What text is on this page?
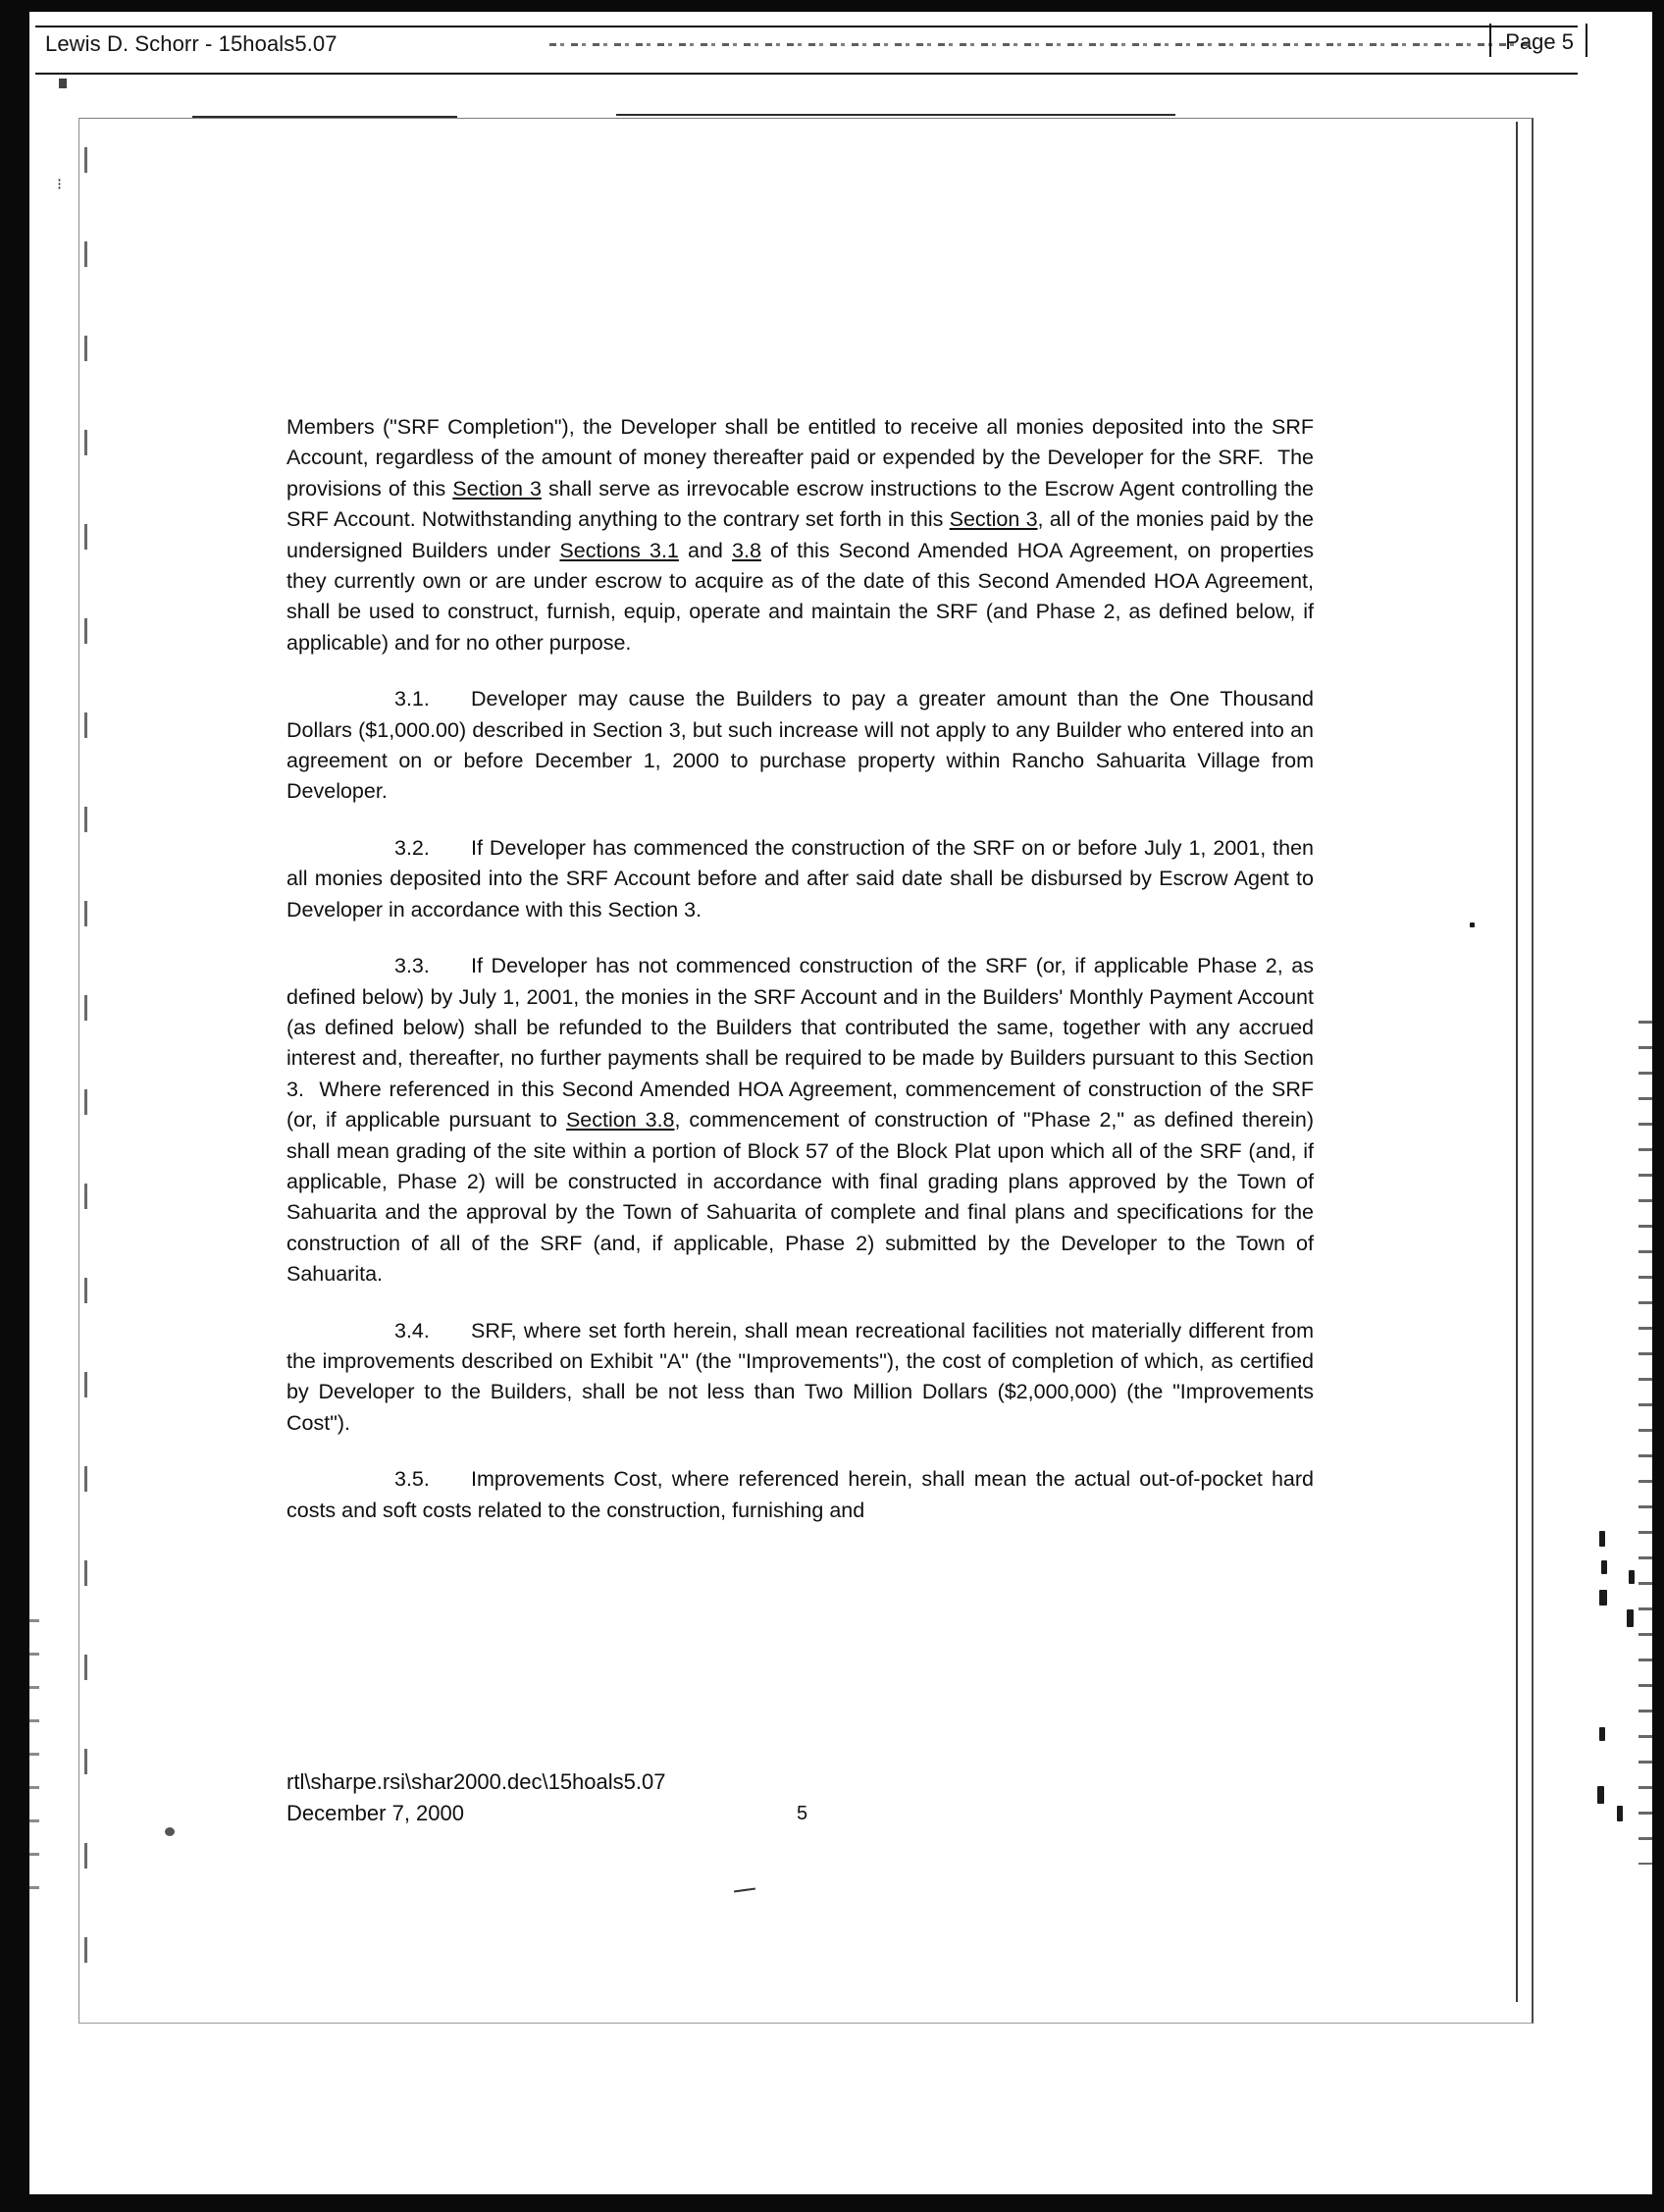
Lewis D. Schorr - 15hoals5.07	Page 5
⁝

Members ("SRF Completion"), the Developer shall be entitled to receive all monies deposited into the SRF Account, regardless of the amount of money thereafter paid or expended by the Developer for the SRF.  The provisions of this Section 3 shall serve as irrevocable escrow instructions to the Escrow Agent controlling the SRF Account. Notwithstanding anything to the contrary set forth in this Section 3, all of the monies paid by the undersigned Builders under Sections 3.1 and 3.8 of this Second Amended HOA Agreement, on properties they currently own or are under escrow to acquire as of the date of this Second Amended HOA Agreement, shall be used to construct, furnish, equip, operate and maintain the SRF (and Phase 2, as defined below, if applicable) and for no other purpose.

3.1. Developer may cause the Builders to pay a greater amount than the One Thousand Dollars ($1,000.00) described in Section 3, but such increase will not apply to any Builder who entered into an agreement on or before December 1, 2000 to purchase property within Rancho Sahuarita Village from Developer.

3.2. If Developer has commenced the construction of the SRF on or before July 1, 2001, then all monies deposited into the SRF Account before and after said date shall be disbursed by Escrow Agent to Developer in accordance with this Section 3.

3.3. If Developer has not commenced construction of the SRF (or, if applicable Phase 2, as defined below) by July 1, 2001, the monies in the SRF Account and in the Builders' Monthly Payment Account (as defined below) shall be refunded to the Builders that contributed the same, together with any accrued interest and, thereafter, no further payments shall be required to be made by Builders pursuant to this Section 3.  Where referenced in this Second Amended HOA Agreement, commencement of construction of the SRF (or, if applicable pursuant to Section 3.8, commencement of construction of "Phase 2," as defined therein) shall mean grading of the site within a portion of Block 57 of the Block Plat upon which all of the SRF (and, if applicable, Phase 2) will be constructed in accordance with final grading plans approved by the Town of Sahuarita and the approval by the Town of Sahuarita of complete and final plans and specifications for the construction of all of the SRF (and, if applicable, Phase 2) submitted by the Developer to the Town of Sahuarita.

3.4. SRF, where set forth herein, shall mean recreational facilities not materially different from the improvements described on Exhibit "A" (the "Improvements"), the cost of completion of which, as certified by Developer to the Builders, shall be not less than Two Million Dollars ($2,000,000) (the "Improvements Cost").

3.5. Improvements Cost, where referenced herein, shall mean the actual out-of-pocket hard costs and soft costs related to the construction, furnishing and

rtl\sharpe.rsi\shar2000.dec\15hoals5.07
December 7, 2000	5
